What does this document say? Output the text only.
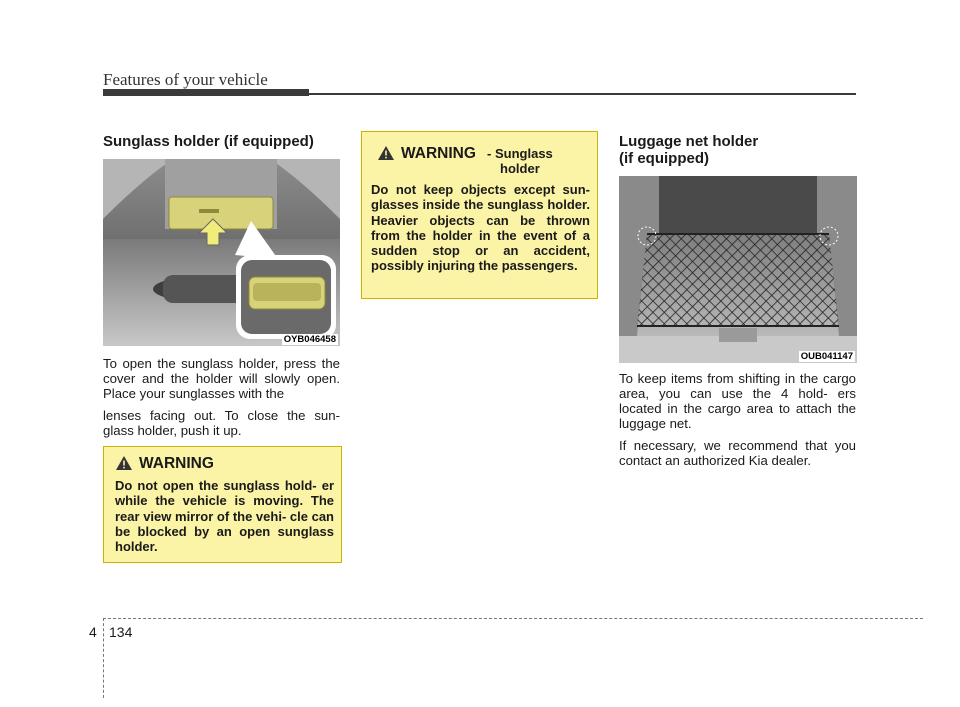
Features of your vehicle
Sunglass holder (if equipped)
OYB046458

To open the sunglass holder, press the cover and the holder will slowly open. Place your sunglasses with the

lenses facing out. To close the sun- glass holder, push it up.

WARNING
Do not open the sunglass hold- er while the vehicle is moving. The rear view mirror of the vehi- cle can be blocked by an open sunglass holder.
WARNING - Sunglass holder
Do not keep objects except sun- glasses inside the sunglass holder. Heavier objects can be thrown from the holder in the event of a sudden stop or an accident, possibly injuring the passengers.
Luggage net holder
(if equipped)
OUB041147

To keep items from shifting in the cargo area, you can use the 4 hold- ers located in the cargo area to attach the luggage net.

If necessary, we recommend that you contact an authorized Kia dealer.

4 134
